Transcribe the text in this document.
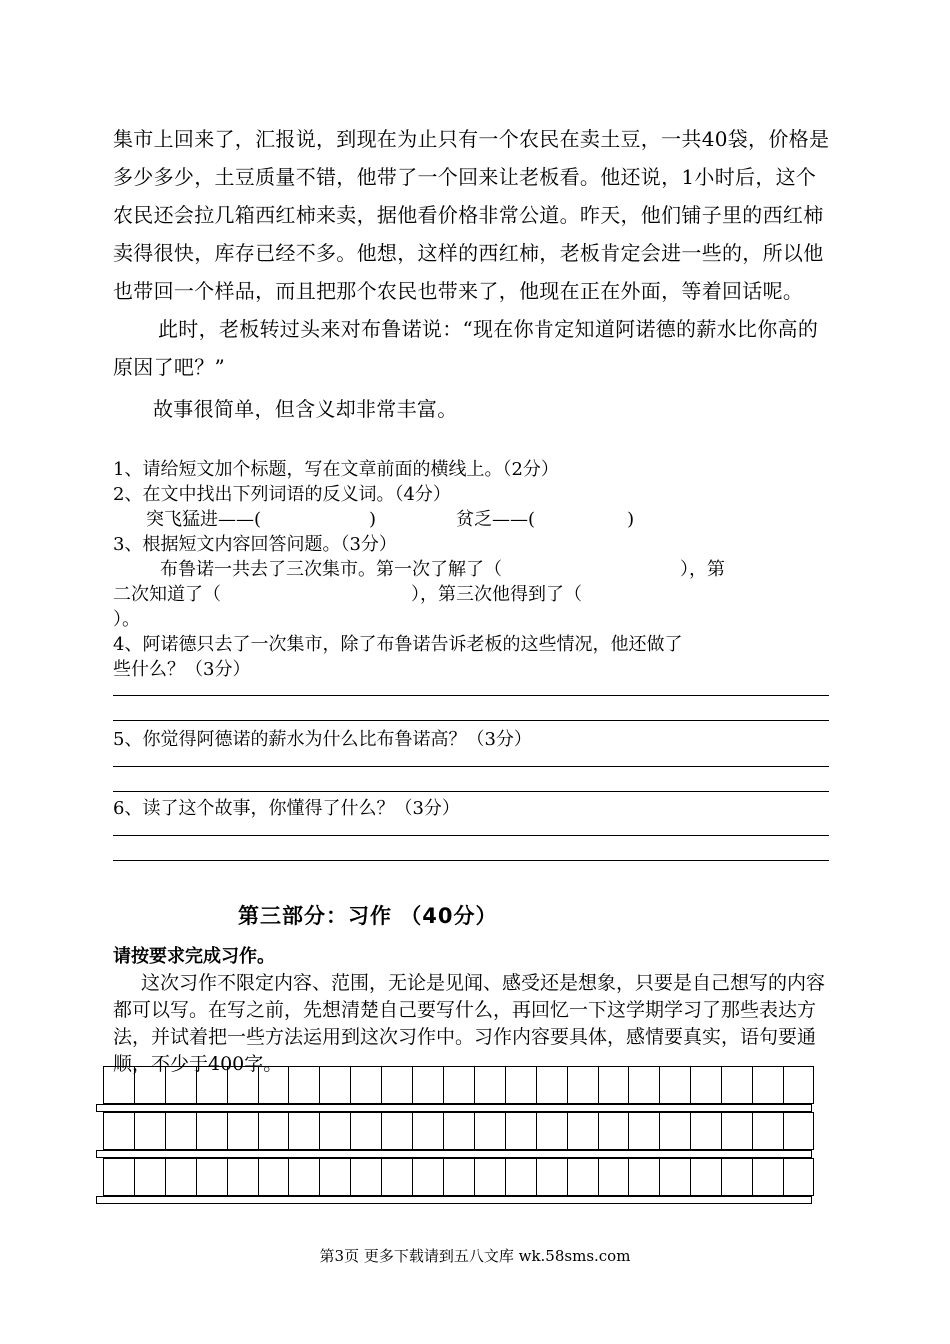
集市上回来了，汇报说，到现在为止只有一个农民在卖土豆，一共40袋，价格是多少多少，土豆质量不错，他带了一个回来让老板看。他还说，1小时后，这个农民还会拉几箱西红柿来卖，据他看价格非常公道。昨天，他们铺子里的西红柿卖得很快，库存已经不多。他想，这样的西红柿，老板肯定会进一些的，所以他也带回一个样品，而且把那个农民也带来了，他现在正在外面，等着回话呢。

此时，老板转过头来对布鲁诺说：“现在你肯定知道阿诺德的薪水比你高的原因了吧？”

故事很简单，但含义却非常丰富。

1、请给短文加个标题，写在文章前面的横线上。（2分）

2、在文中找出下列词语的反义词。（4分）

突飞猛进——(	)	贫乏——(	)

3、根据短文内容回答问题。（3分）

布鲁诺一共去了三次集市。第一次了解了（	），第
二次知道了（	），第三次他得到了（

）。

4、阿诺德只去了一次集市，除了布鲁诺告诉老板的这些情况，他还做了

些什么？（3分）

5、你觉得阿德诺的薪水为什么比布鲁诺高？（3分）

6、读了这个故事，你懂得了什么？（3分）

第三部分：习作 （40分）

请按要求完成习作。

这次习作不限定内容、范围，无论是见闻、感受还是想象，只要是自己想写的内容都可以写。在写之前，先想清楚自己要写什么，再回忆一下这学期学习了那些表达方法，并试着把一些方法运用到这次习作中。习作内容要具体，感情要真实，语句要通顺，不少于400字。

第3页 更多下载请到五八文库 wk.58sms.com
